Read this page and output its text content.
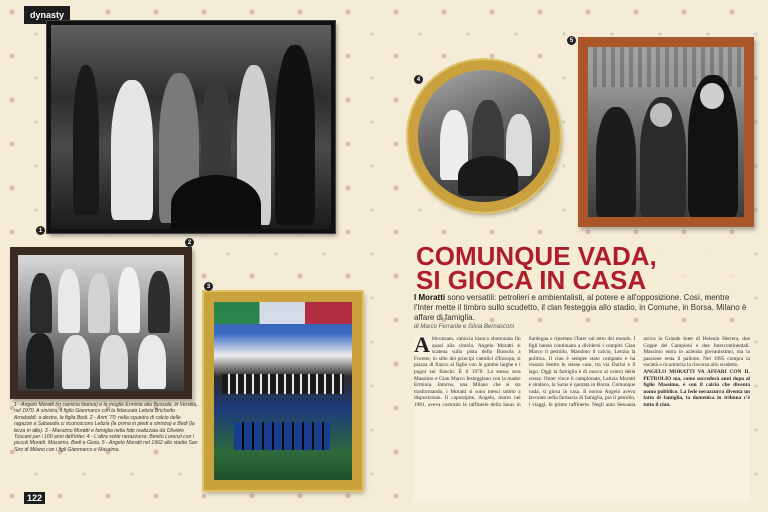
dynasty
1
2
3
4
5
COMUNQUE VADA,
SI GIOCA IN CASA
I Moratti sono versatili: petrolieri e ambientalisti, al potere e all'opposizione. Così, mentre l'Inter mette il timbro sullo scudetto, il clan festeggia allo stadio, in Comune, in Borsa. Milano è affare di famiglia.
di Marco Ferrante e Silvia Bernasconi
A bbronzato, camicia bianca sbottonata fin quasi alla cintola, Angelo Moratti si scatena sulla pista della Bussola a Focette, lo stile dei principi cattolici d'Europa, si piazza di fianco al figlio con le gambe larghe e i pugni sui fianchi. È il 1970. La stessa sera Massimo e Gian Marco festeggiano con la madre Erminia. Intorno, una Milano che si sta trasformando, i Moratti si sono messi subito a disposizione. Il capostipite, Angelo, morto nel 1981, aveva costruito le raffinerie della Saras in Sardegna e riportato l'Inter sul tetto del mondo. I figli hanno continuato a dividersi i compiti: Gian Marco il petrolio, Massimo il calcio, Letizia la politica. Il clan è sempre stato compatto e ha vissuto dentro le stesse case, tra via Durini e il lago. Oggi la famiglia è di nuovo al centro della scena: l'Inter vince il campionato, Letizia Moratti è sindaco, la Saras è quotata in Borsa. Comunque vada, si gioca in casa. Il nonno Angelo aveva lavorato nella farmacia di famiglia, poi il petrolio, i viaggi, le prime raffinerie. Negli anni Sessanta arriva la Grande Inter di Helenio Herrera, due Coppe dei Campioni e due Intercontinentali. Massimo entra in azienda giovanissimo, ma la passione resta il pallone. Nel 1995 compra la società e ricomincia la rincorsa allo scudetto.
ANGELO MORATTI VA AFFARI CON IL PETROLIO ma, come succederà anni dopo al figlio Massimo, è con il calcio che diventa uomo pubblico. La fede nerazzurra diventa un fatto di famiglia, la domenica in tribuna c'è tutto il clan.
1 - Angelo Moratti (in camicia bianca) e la moglie Erminia alla Bussola, in Versilia, nel 1970. A sinistra, il figlio Gianmarco con la fidanzata Letizia Brichetto Arnaboldi; a destra, la figlia Bedi. 2 - Anni '70: nella squadra di calcio delle ragazze a Sabaudia ci riconoscono Letizia (la prima in piedi a sinistra) e Bedi (la terza in alto). 3 - Massimo Moratti e famiglia nella foto realizzata da Oliviero Toscani per i 100 anni dell'Inter. 4 - L'altra sorte nerazzurra: Benito Lorenzi con i piccoli Moratti. Massimo, Bedi e Gioia. 5 - Angelo Moratti nel 1962 allo stadio San Siro di Milano con i figli Gianmarco e Massimo.
122
